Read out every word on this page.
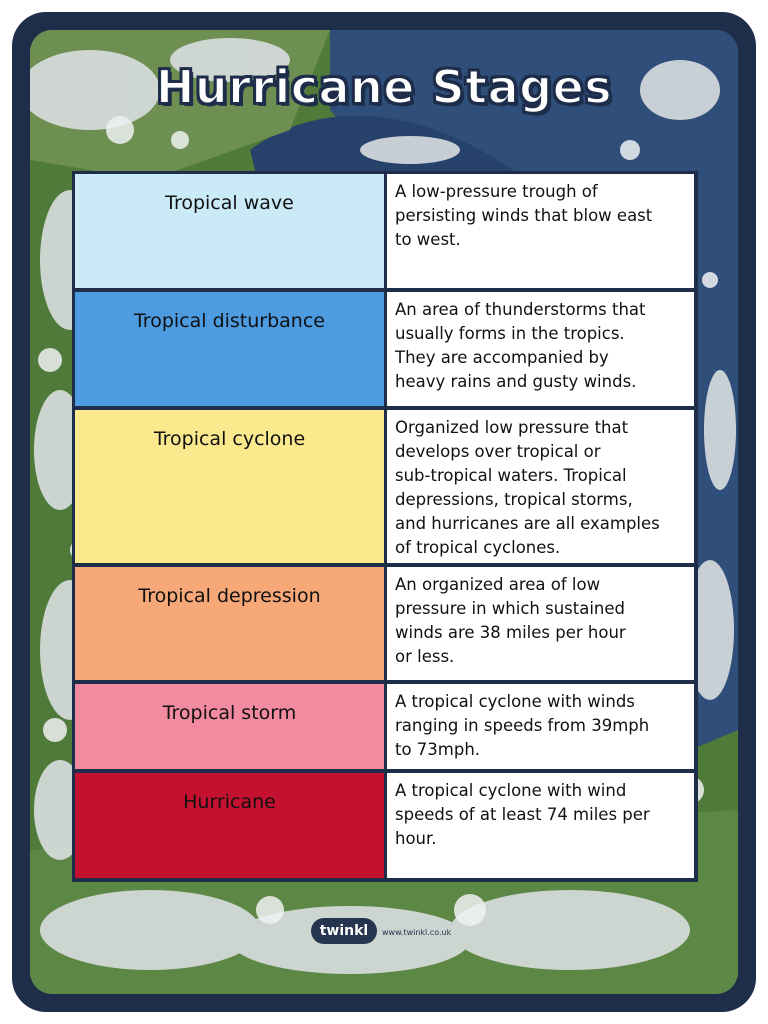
Hurricane Stages
Tropical wave
A low-pressure trough of
persisting winds that blow east
to west.
Tropical disturbance
An area of thunderstorms that
usually forms in the tropics.
They are accompanied by
heavy rains and gusty winds.
Tropical cyclone
Organized low pressure that
develops over tropical or
sub-tropical waters. Tropical
depressions, tropical storms,
and hurricanes are all examples
of tropical cyclones.
Tropical depression
An organized area of low
pressure in which sustained
winds are 38 miles per hour
or less.
Tropical storm
A tropical cyclone with winds
ranging in speeds from 39mph
to 73mph.
Hurricane
A tropical cyclone with wind
speeds of at least 74 miles per
hour.
twinkl	www.twinkl.co.uk
